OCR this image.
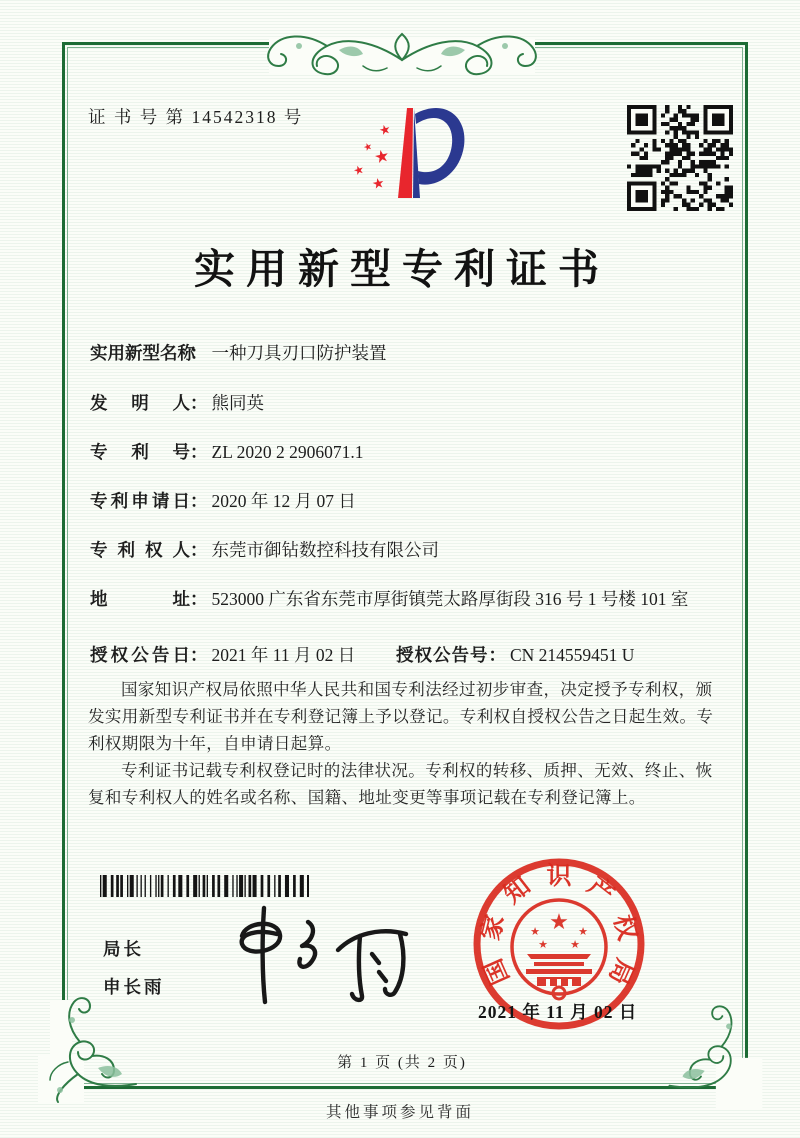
证 书 号 第 14542318 号
★
★
★
★
★
实用新型专利证书
实用新型名称： 一种刀具刃口防护装置
发明人： 熊同英
专利号： ZL 2020 2 2906071.1
专利申请日： 2020 年 12 月 07 日
专利权人： 东莞市御钻数控科技有限公司
地址： 523000 广东省东莞市厚街镇莞太路厚街段 316 号 1 号楼 101 室
授权公告日： 2021 年 11 月 02 日 授权公告号： CN 214559451 U

国家知识产权局依照中华人民共和国专利法经过初步审查，决定授予专利权，颁发实用新型专利证书并在专利登记簿上予以登记。专利权自授权公告之日起生效。专利权期限为十年，自申请日起算。

专利证书记载专利权登记时的法律状况。专利权的转移、质押、无效、终止、恢复和专利权人的姓名或名称、国籍、地址变更等事项记载在专利登记簿上。

局长
申长雨	国
家
知 识 产
权
局
★
★	★
★ ★
2021 年 11 月 02 日
第 1 页 (共 2 页)
其他事项参见背面
